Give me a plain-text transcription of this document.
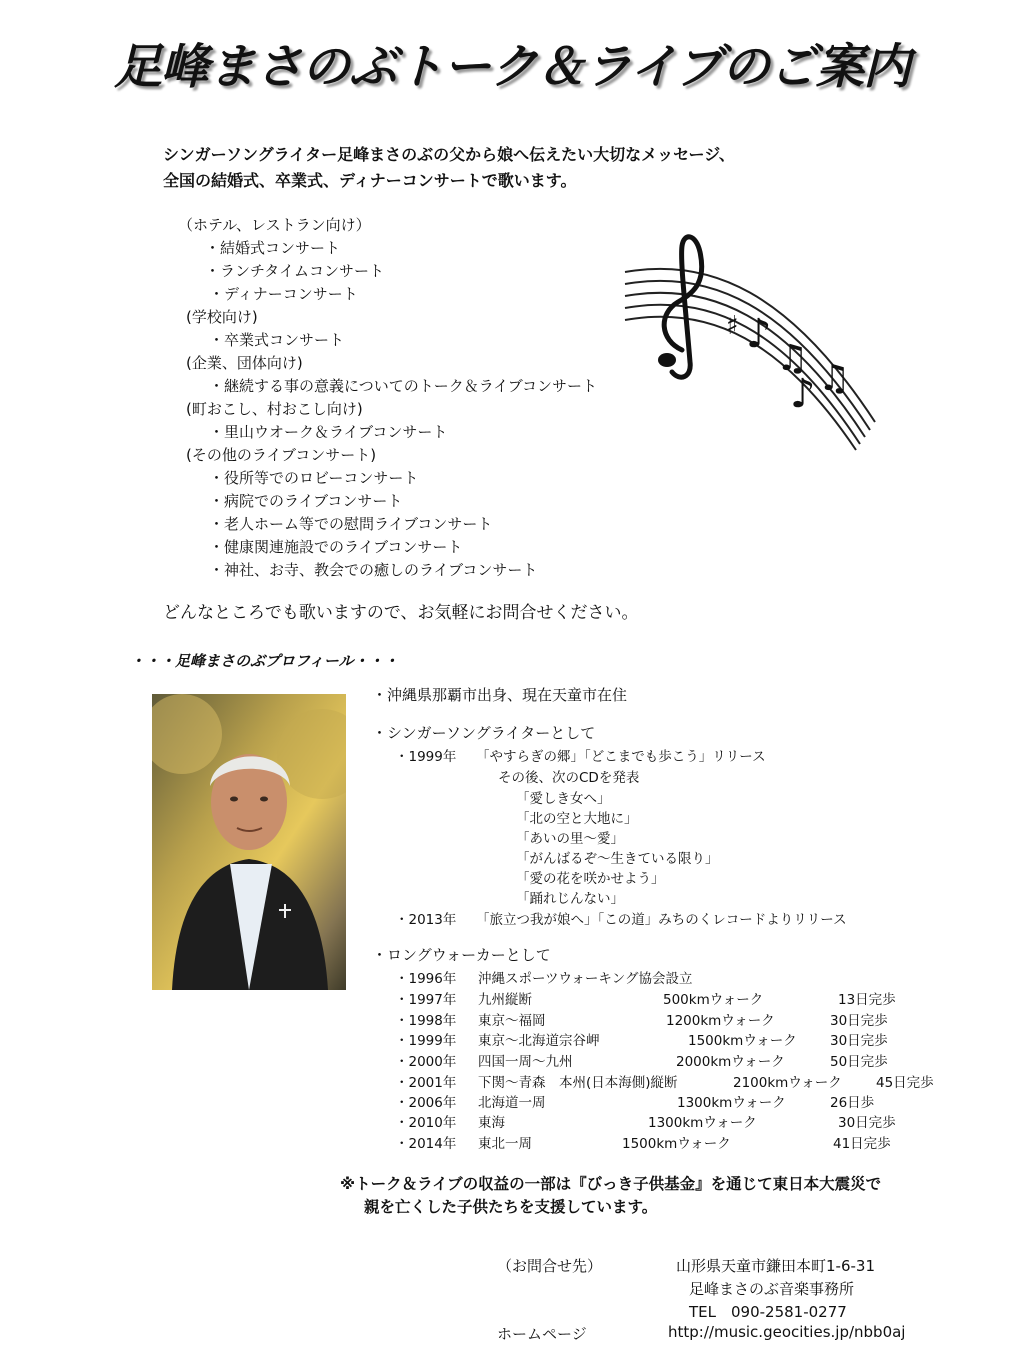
足峰まさのぶトーク＆ライブのご案内
シンガーソングライター足峰まさのぶの父から娘へ伝えたい大切なメッセージ、
全国の結婚式、卒業式、ディナーコンサートで歌います。
（ホテル、レストラン向け）
・結婚式コンサート
・ランチタイムコンサート
・ディナーコンサート
(学校向け)
・卒業式コンサート
(企業、団体向け)
・継続する事の意義についてのトーク＆ライブコンサート
(町おこし、村おこし向け)
・里山ウオーク＆ライブコンサート
(その他のライブコンサート)
・役所等でのロビーコンサート
・病院でのライブコンサート
・老人ホーム等での慰問ライブコンサート
・健康関連施設でのライブコンサート
・神社、お寺、教会での癒しのライブコンサート
♯ ♪
♫
♪ ♫
どんなところでも歌いますので、お気軽にお問合せください。
・・・足峰まさのぶプロフィール・・・
・沖縄県那覇市出身、現在天童市在住
・シンガーソングライターとして
・1999年 「やすらぎの郷」「どこまでも歩こう」リリース
その後、次のCDを発表
「愛しき女へ」
「北の空と大地に」
「あいの里～愛」
「がんばるぞ～生きている限り」
「愛の花を咲かせよう」
「踊れじんない」
・2013年 「旅立つ我が娘へ」「この道」みちのくレコードよりリリース
・ロングウォーカーとして
・1996年 沖縄スポーツウォーキング協会設立
・1997年 九州縦断	500kmウォーク	13日完歩
・1998年 東京～福岡	1200kmウォーク	30日完歩
・1999年 東京～北海道宗谷岬	1500kmウォーク 30日完歩
・2000年 四国一周～九州	2000kmウォーク	50日完歩
・2001年 下関～青森　本州(日本海側)縦断	2100kmウォーク	45日完歩
・2006年 北海道一周	1300kmウォーク	26日歩
・2010年 東海	1300kmウォーク	30日完歩
・2014年 東北一周	1500kmウォーク	41日完歩
※トーク＆ライブの収益の一部は『びっき子供基金』を通じて東日本大震災で
親を亡くした子供たちを支援しています。
（お問合せ先）	山形県天童市鎌田本町1-6-31
足峰まさのぶ音楽事務所
TEL　090-2581-0277
ホームページ	http://music.geocities.jp/nbb0aj
